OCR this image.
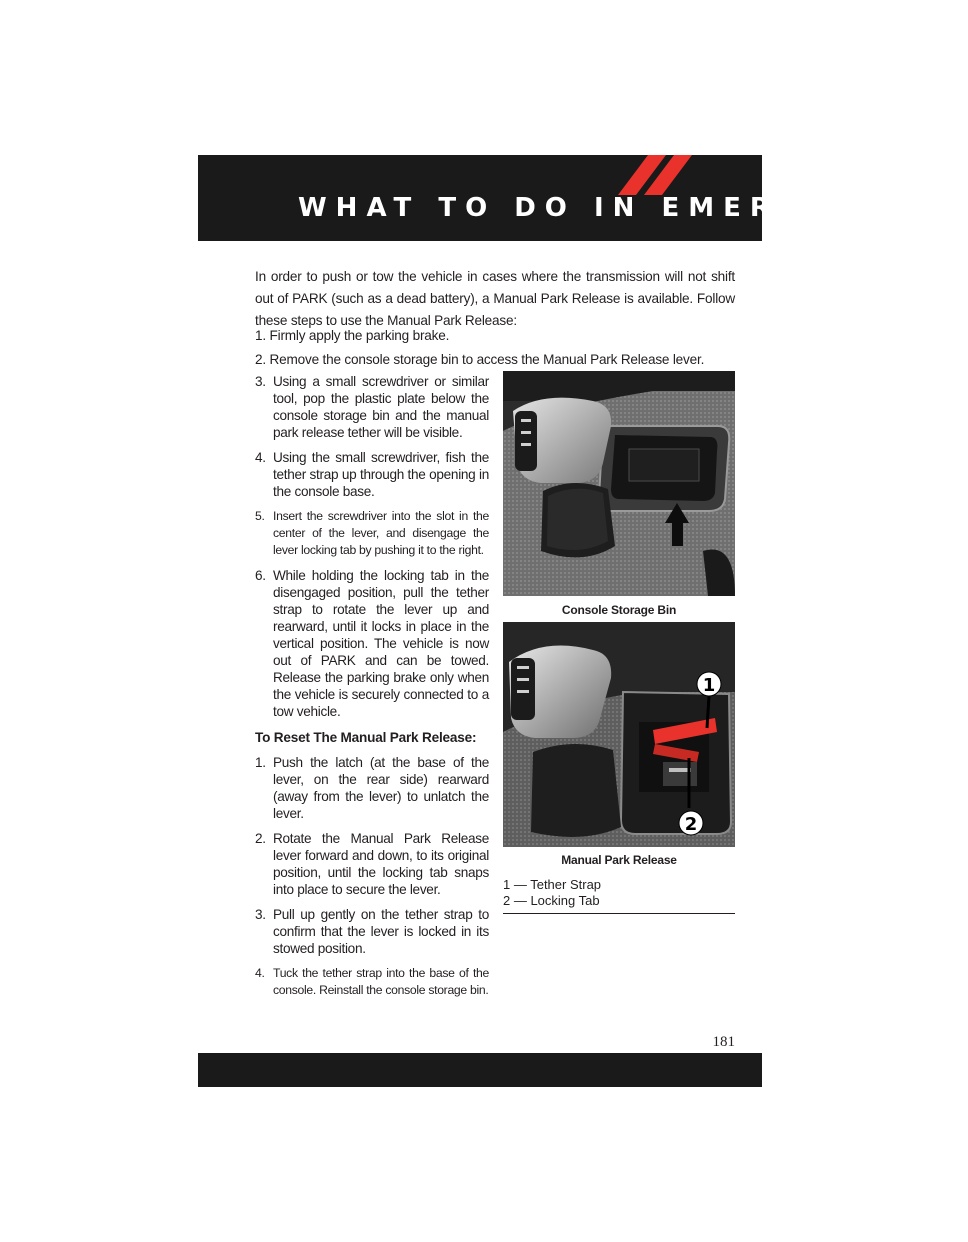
WHAT TO DO IN EMERGENCIES

In order to push or tow the vehicle in cases where the transmission will not shift out of PARK (such as a dead battery), a Manual Park Release is available. Follow these steps to use the Manual Park Release:

1. Firmly apply the parking brake.
2. Remove the console storage bin to access the Manual Park Release lever.
3. Using a small screwdriver or similar tool, pop the plastic plate below the console storage bin and the manual park release tether will be visible.
4. Using the small screwdriver, fish the tether strap up through the opening in the console base.
5. Insert the screwdriver into the slot in the center of the lever, and disengage the lever locking tab by pushing it to the right.
6. While holding the locking tab in the disengaged position, pull the tether strap to rotate the lever up and rearward, until it locks in place in the vertical position. The vehicle is now out of PARK and can be towed. Release the parking brake only when the vehicle is securely connected to a tow vehicle.
To Reset The Manual Park Release:
1. Push the latch (at the base of the lever, on the rear side) rearward (away from the lever) to unlatch the lever.
2. Rotate the Manual Park Release lever forward and down, to its original position, until the locking tab snaps into place to secure the lever.
3. Pull up gently on the tether strap to confirm that the lever is locked in its stowed position.
4. Tuck the tether strap into the base of the console. Reinstall the console storage bin.
Console Storage Bin
1
2
Manual Park Release
1 — Tether Strap
2 — Locking Tab
181
